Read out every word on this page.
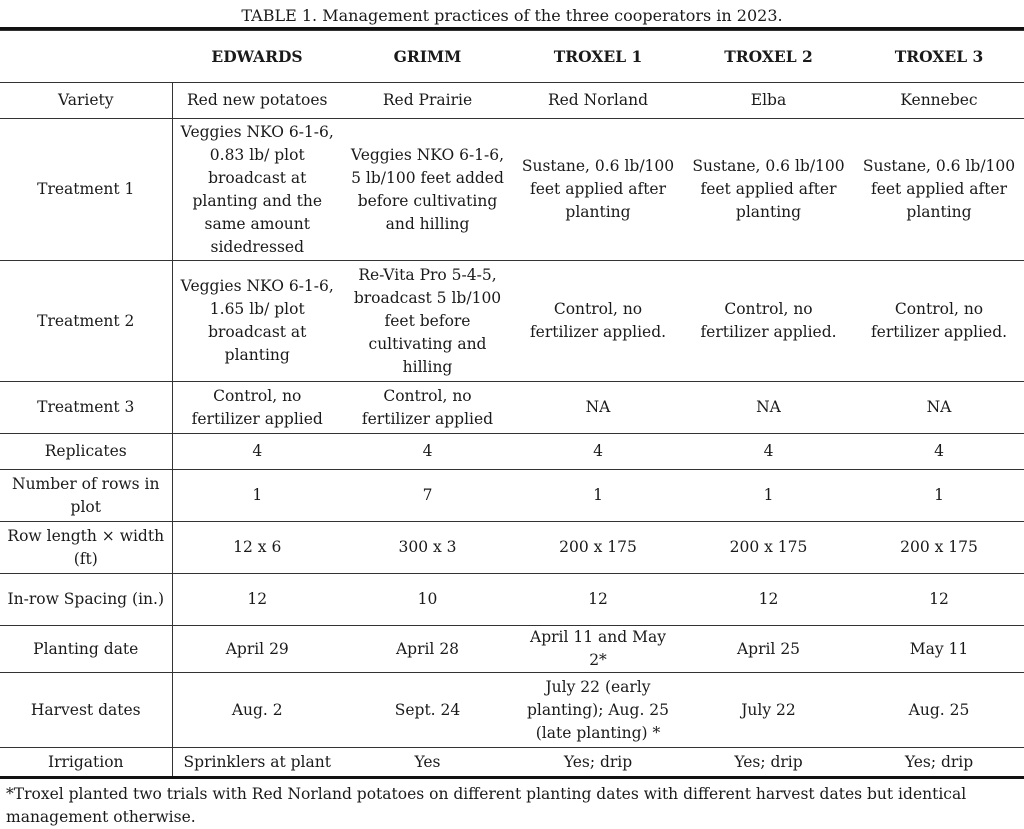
TABLE 1. Management practices of the three cooperators in 2023.
	EDWARDS	GRIMM	TROXEL 1	TROXEL 2	TROXEL 3
Variety	Red new potatoes	Red Prairie	Red Norland	Elba	Kennebec
Treatment 1	Veggies NKO 6-1-6, 0.83 lb/ plot broadcast at planting and the same amount sidedressed	Veggies NKO 6-1-6, 5 lb/100 feet added before cultivating and hilling	Sustane, 0.6 lb/100 feet applied after planting	Sustane, 0.6 lb/100 feet applied after planting	Sustane, 0.6 lb/100 feet applied after planting
Treatment 2	Veggies NKO 6-1-6, 1.65 lb/ plot broadcast at planting	Re-Vita Pro 5-4-5, broadcast 5 lb/100 feet before cultivating and hilling	Control, no fertilizer applied.	Control, no fertilizer applied.	Control, no fertilizer applied.
Treatment 3	Control, no fertilizer applied	Control, no fertilizer applied	NA	NA	NA
Replicates	4	4	4	4	4
Number of rows in plot	1	7	1	1	1
Row length × width (ft)	12 x 6	300 x 3	200 x 175	200 x 175	200 x 175
In-row Spacing (in.)	12	10	12	12	12
Planting date	April 29	April 28	April 11 and May 2*	April 25	May 11
Harvest dates	Aug. 2	Sept. 24	July 22 (early planting); Aug. 25 (late planting) *	July 22	Aug. 25
Irrigation	Sprinklers at plant	Yes	Yes; drip	Yes; drip	Yes; drip
*Troxel planted two trials with Red Norland potatoes on different planting dates with different harvest dates but identical management otherwise.
